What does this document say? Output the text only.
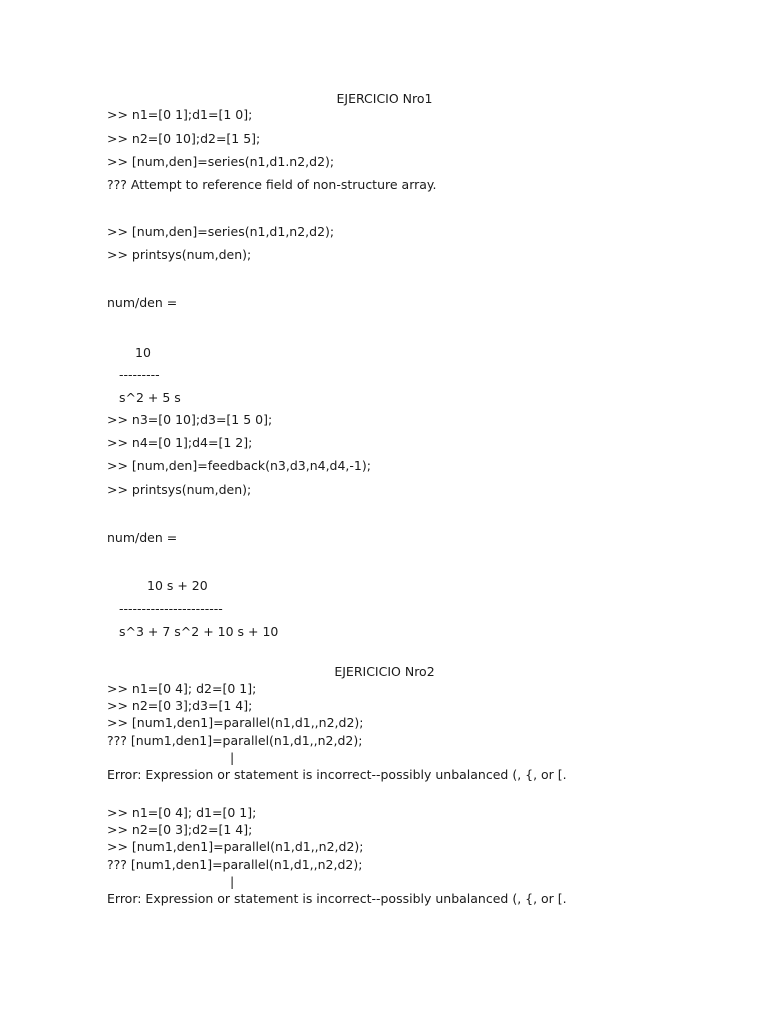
EJERCICIO Nro1
>> n1=[0 1];d1=[1 0];
>> n2=[0 10];d2=[1 5];
>> [num,den]=series(n1,d1.n2,d2);
??? Attempt to reference field of non-structure array.
>> [num,den]=series(n1,d1,n2,d2);
>> printsys(num,den);
num/den =
10
---------
s^2 + 5 s
>> n3=[0 10];d3=[1 5 0];
>> n4=[0 1];d4=[1 2];
>> [num,den]=feedback(n3,d3,n4,d4,-1);
>> printsys(num,den);
num/den =
10 s + 20
-----------------------
s^3 + 7 s^2 + 10 s + 10
EJERICICIO Nro2
>> n1=[0 4]; d2=[0 1];
>> n2=[0 3];d3=[1 4];
>> [num1,den1]=parallel(n1,d1,,n2,d2);
??? [num1,den1]=parallel(n1,d1,,n2,d2);
|
Error: Expression or statement is incorrect--possibly unbalanced (, {, or [.
>> n1=[0 4]; d1=[0 1];
>> n2=[0 3];d2=[1 4];
>> [num1,den1]=parallel(n1,d1,,n2,d2);
??? [num1,den1]=parallel(n1,d1,,n2,d2);
|
Error: Expression or statement is incorrect--possibly unbalanced (, {, or [.
